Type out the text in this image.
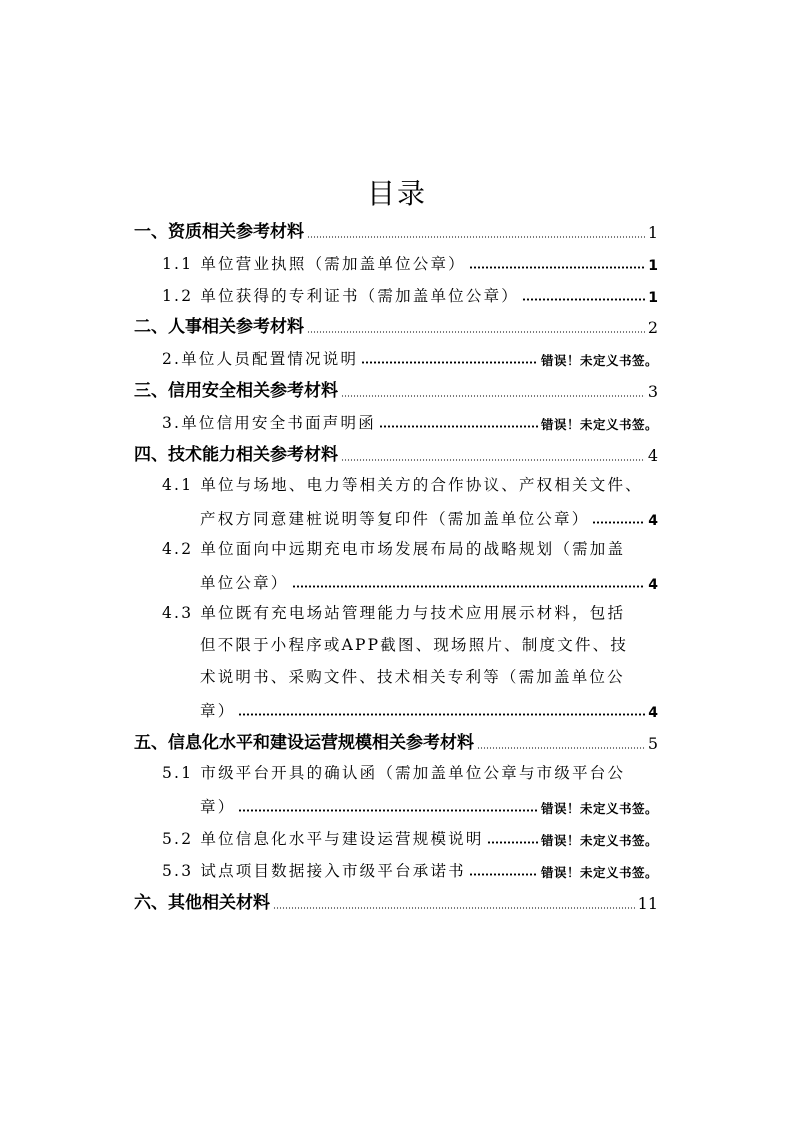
目录
一、资质相关参考材料	1
1.1 单位营业执照（需加盖单位公章）	1
1.2 单位获得的专利证书（需加盖单位公章）	1
二、人事相关参考材料	2
2.单位人员配置情况说明	错误！未定义书签。
三、信用安全相关参考材料	3
3.单位信用安全书面声明函	错误！未定义书签。
四、技术能力相关参考材料	4
4.1 单位与场地、电力等相关方的合作协议、产权相关文件、
产权方同意建桩说明等复印件（需加盖单位公章）	4
4.2 单位面向中远期充电市场发展布局的战略规划（需加盖
单位公章）	4
4.3 单位既有充电场站管理能力与技术应用展示材料，包括
但不限于小程序或APP截图、现场照片、制度文件、技
术说明书、采购文件、技术相关专利等（需加盖单位公
章）	4
五、信息化水平和建设运营规模相关参考材料	5
5.1 市级平台开具的确认函（需加盖单位公章与市级平台公
章）	错误！未定义书签。
5.2 单位信息化水平与建设运营规模说明	错误！未定义书签。
5.3 试点项目数据接入市级平台承诺书	错误！未定义书签。
六、其他相关材料	11
